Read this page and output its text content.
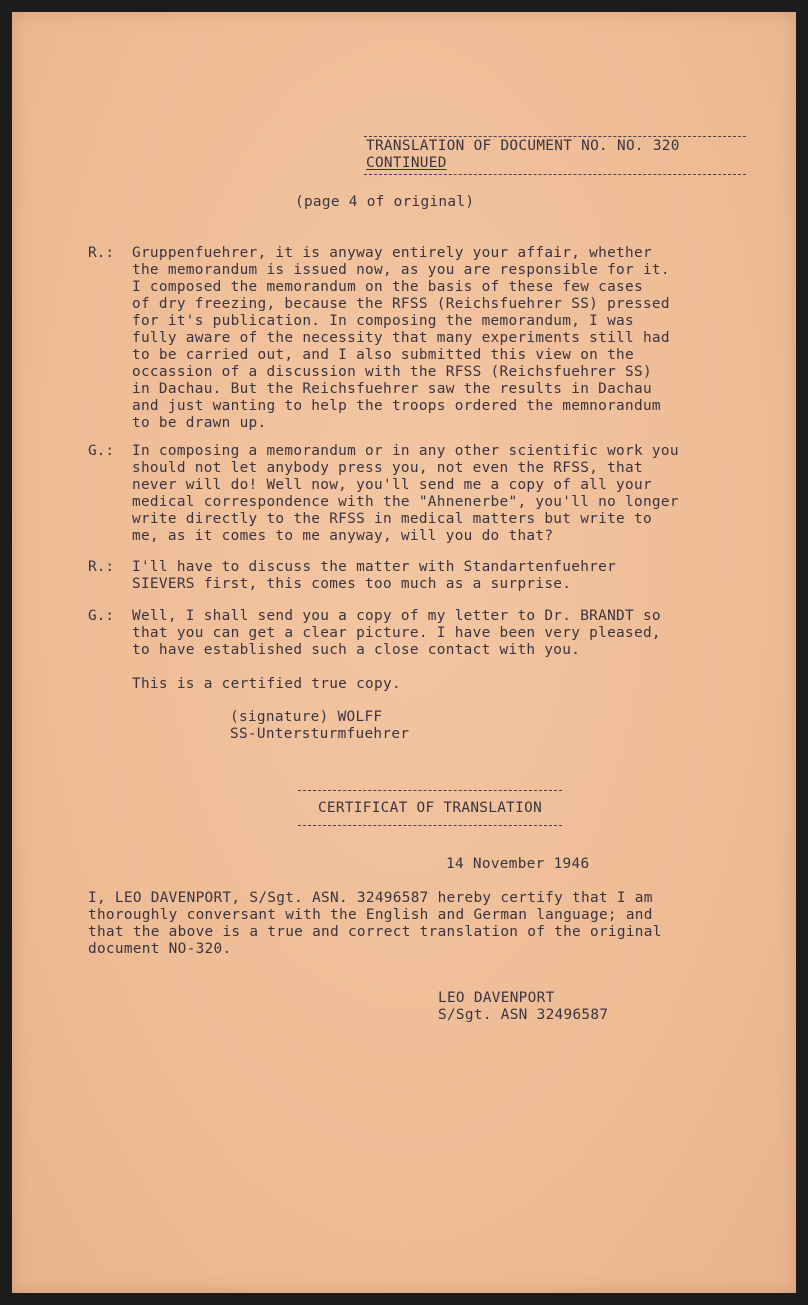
TRANSLATION OF DOCUMENT NO. NO. 320
CONTINUED
(page 4 of original)
R.: Gruppenfuehrer, it is anyway entirely your affair, whether
the memorandum is issued now, as you are responsible for it.
I composed the memorandum on the basis of these few cases
of dry freezing, because the RFSS (Reichsfuehrer SS) pressed
for it's publication. In composing the memorandum, I was
fully aware of the necessity that many experiments still had
to be carried out, and I also submitted this view on the
occassion of a discussion with the RFSS (Reichsfuehrer SS)
in Dachau. But the Reichsfuehrer saw the results in Dachau
and just wanting to help the troops ordered the memnorandum
to be drawn up.
G.: In composing a memorandum or in any other scientific work you
should not let anybody press you, not even the RFSS, that
never will do! Well now, you'll send me a copy of all your
medical correspondence with the "Ahnenerbe", you'll no longer
write directly to the RFSS in medical matters but write to
me, as it comes to me anyway, will you do that?
R.: I'll have to discuss the matter with Standartenfuehrer
SIEVERS first, this comes too much as a surprise.
G.: Well, I shall send you a copy of my letter to Dr. BRANDT so
that you can get a clear picture. I have been very pleased,
to have established such a close contact with you.
This is a certified true copy.
(signature) WOLFF
SS-Untersturmfuehrer
CERTIFICAT OF TRANSLATION
14 November 1946
I, LEO DAVENPORT, S/Sgt. ASN. 32496587 hereby certify that I am
thoroughly conversant with the English and German language; and
that the above is a true and correct translation of the original
document NO-320.
LEO DAVENPORT
S/Sgt. ASN 32496587
